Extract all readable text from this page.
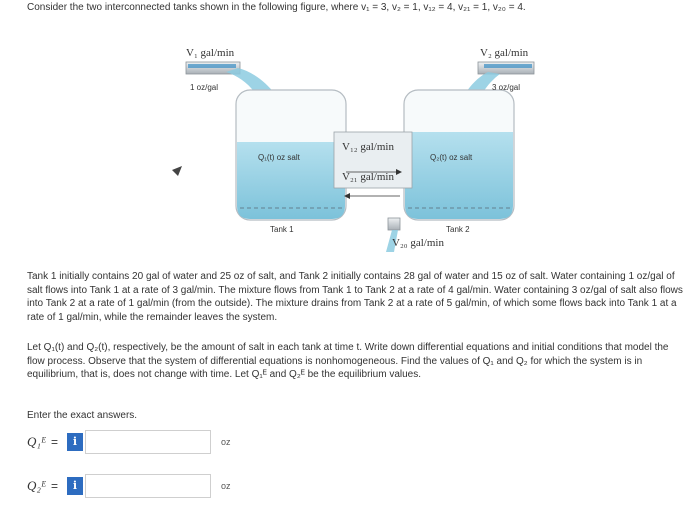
Consider the two interconnected tanks shown in the following figure, where v₁ = 3, v₂ = 1, v₁₂ = 4, v₂₁ = 1, v₂₀ = 4.
V₁ gal/min
1 oz/gal
V₂ gal/min
3 oz/gal
Q₁(t) oz salt	Q₂(t) oz salt
V₁₂ gal/min
V₂₁ gal/min
Tank 1	Tank 2
V₂₀ gal/min
Tank 1 initially contains 20 gal of water and 25 oz of salt, and Tank 2 initially contains 28 gal of water and 15 oz of salt. Water containing 1 oz/gal of salt flows into Tank 1 at a rate of 3 gal/min. The mixture flows from Tank 1 to Tank 2 at a rate of 4 gal/min. Water containing 3 oz/gal of salt also flows into Tank 2 at a rate of 1 gal/min (from the outside). The mixture drains from Tank 2 at a rate of 5 gal/min, of which some flows back into Tank 1 at a rate of 1 gal/min, while the remainder leaves the system.
Let Q₁(t) and Q₂(t), respectively, be the amount of salt in each tank at time t. Write down differential equations and initial conditions that model the flow process. Observe that the system of differential equations is nonhomogeneous. Find the values of Q₁ and Q₂ for which the system is in equilibrium, that is, does not change with time. Let Q₁ᴱ and Q₂ᴱ be the equilibrium values.
Enter the exact answers.
Q₁ᴱ =	i	oz
Q₂ᴱ =	i	oz
